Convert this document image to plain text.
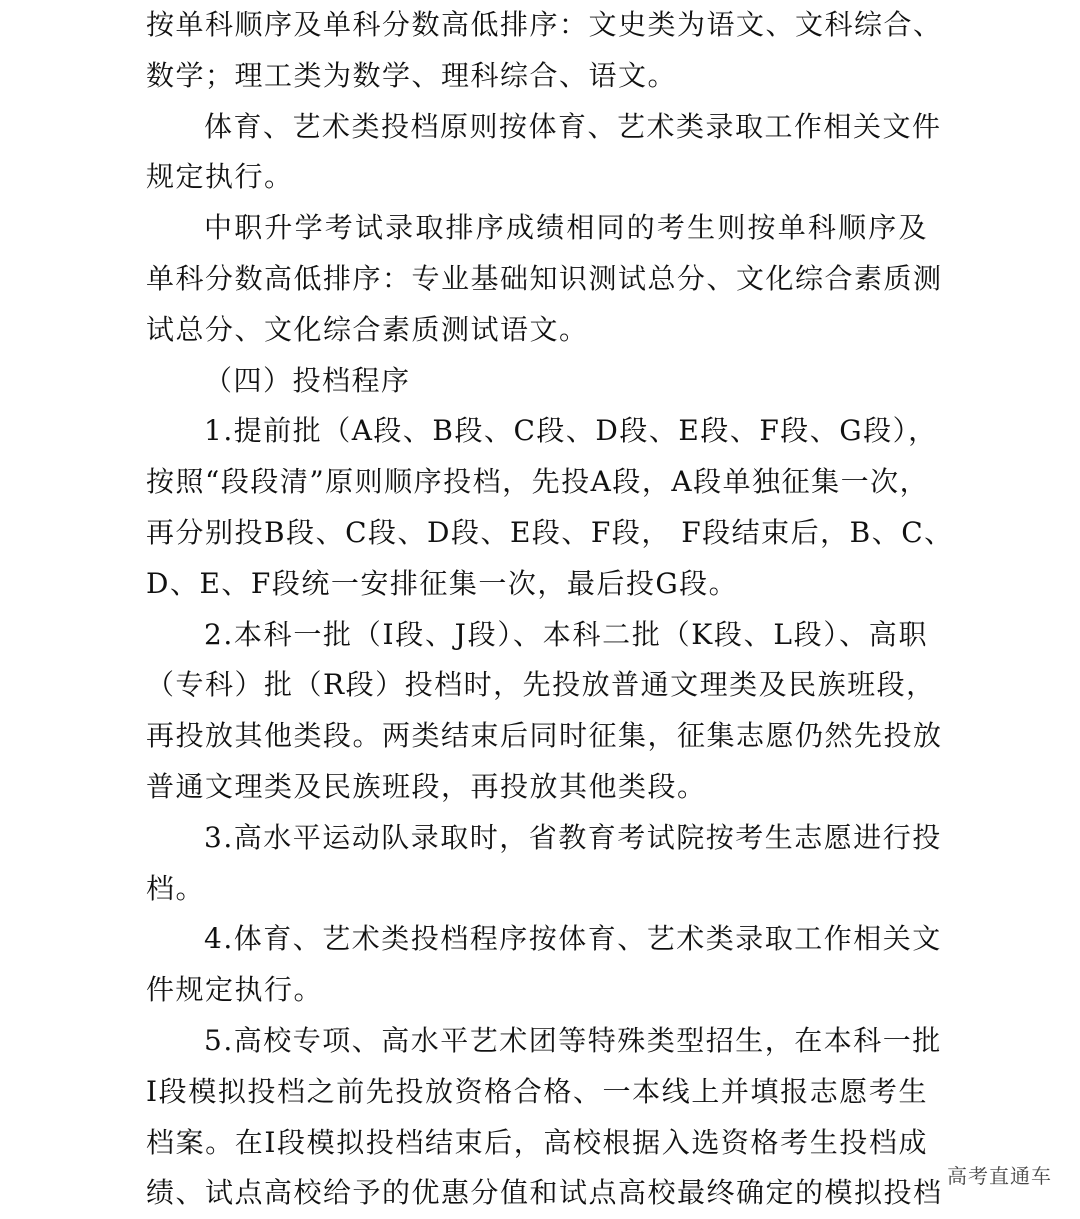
按单科顺序及单科分数高低排序：文史类为语文、文科综合、
数学；理工类为数学、理科综合、语文。

体育、艺术类投档原则按体育、艺术类录取工作相关文件
规定执行。

中职升学考试录取排序成绩相同的考生则按单科顺序及
单科分数高低排序：专业基础知识测试总分、文化综合素质测
试总分、文化综合素质测试语文。

（四）投档程序

1.提前批（A段、B段、C段、D段、E段、F段、G段），
按照“段段清”原则顺序投档，先投A段，A段单独征集一次，
再分别投B段、C段、D段、E段、F段， F段结束后，B、C、
D、E、F段统一安排征集一次，最后投G段。

2.本科一批（I段、J段）、本科二批（K段、L段）、高职
（专科）批（R段）投档时，先投放普通文理类及民族班段，
再投放其他类段。两类结束后同时征集，征集志愿仍然先投放
普通文理类及民族班段，再投放其他类段。

3.高水平运动队录取时，省教育考试院按考生志愿进行投
档。

4.体育、艺术类投档程序按体育、艺术类录取工作相关文
件规定执行。

5.高校专项、高水平艺术团等特殊类型招生，在本科一批
I段模拟投档之前先投放资格合格、一本线上并填报志愿考生
档案。在I段模拟投档结束后，高校根据入选资格考生投档成
绩、试点高校给予的优惠分值和试点高校最终确定的模拟投档

高考直通车
